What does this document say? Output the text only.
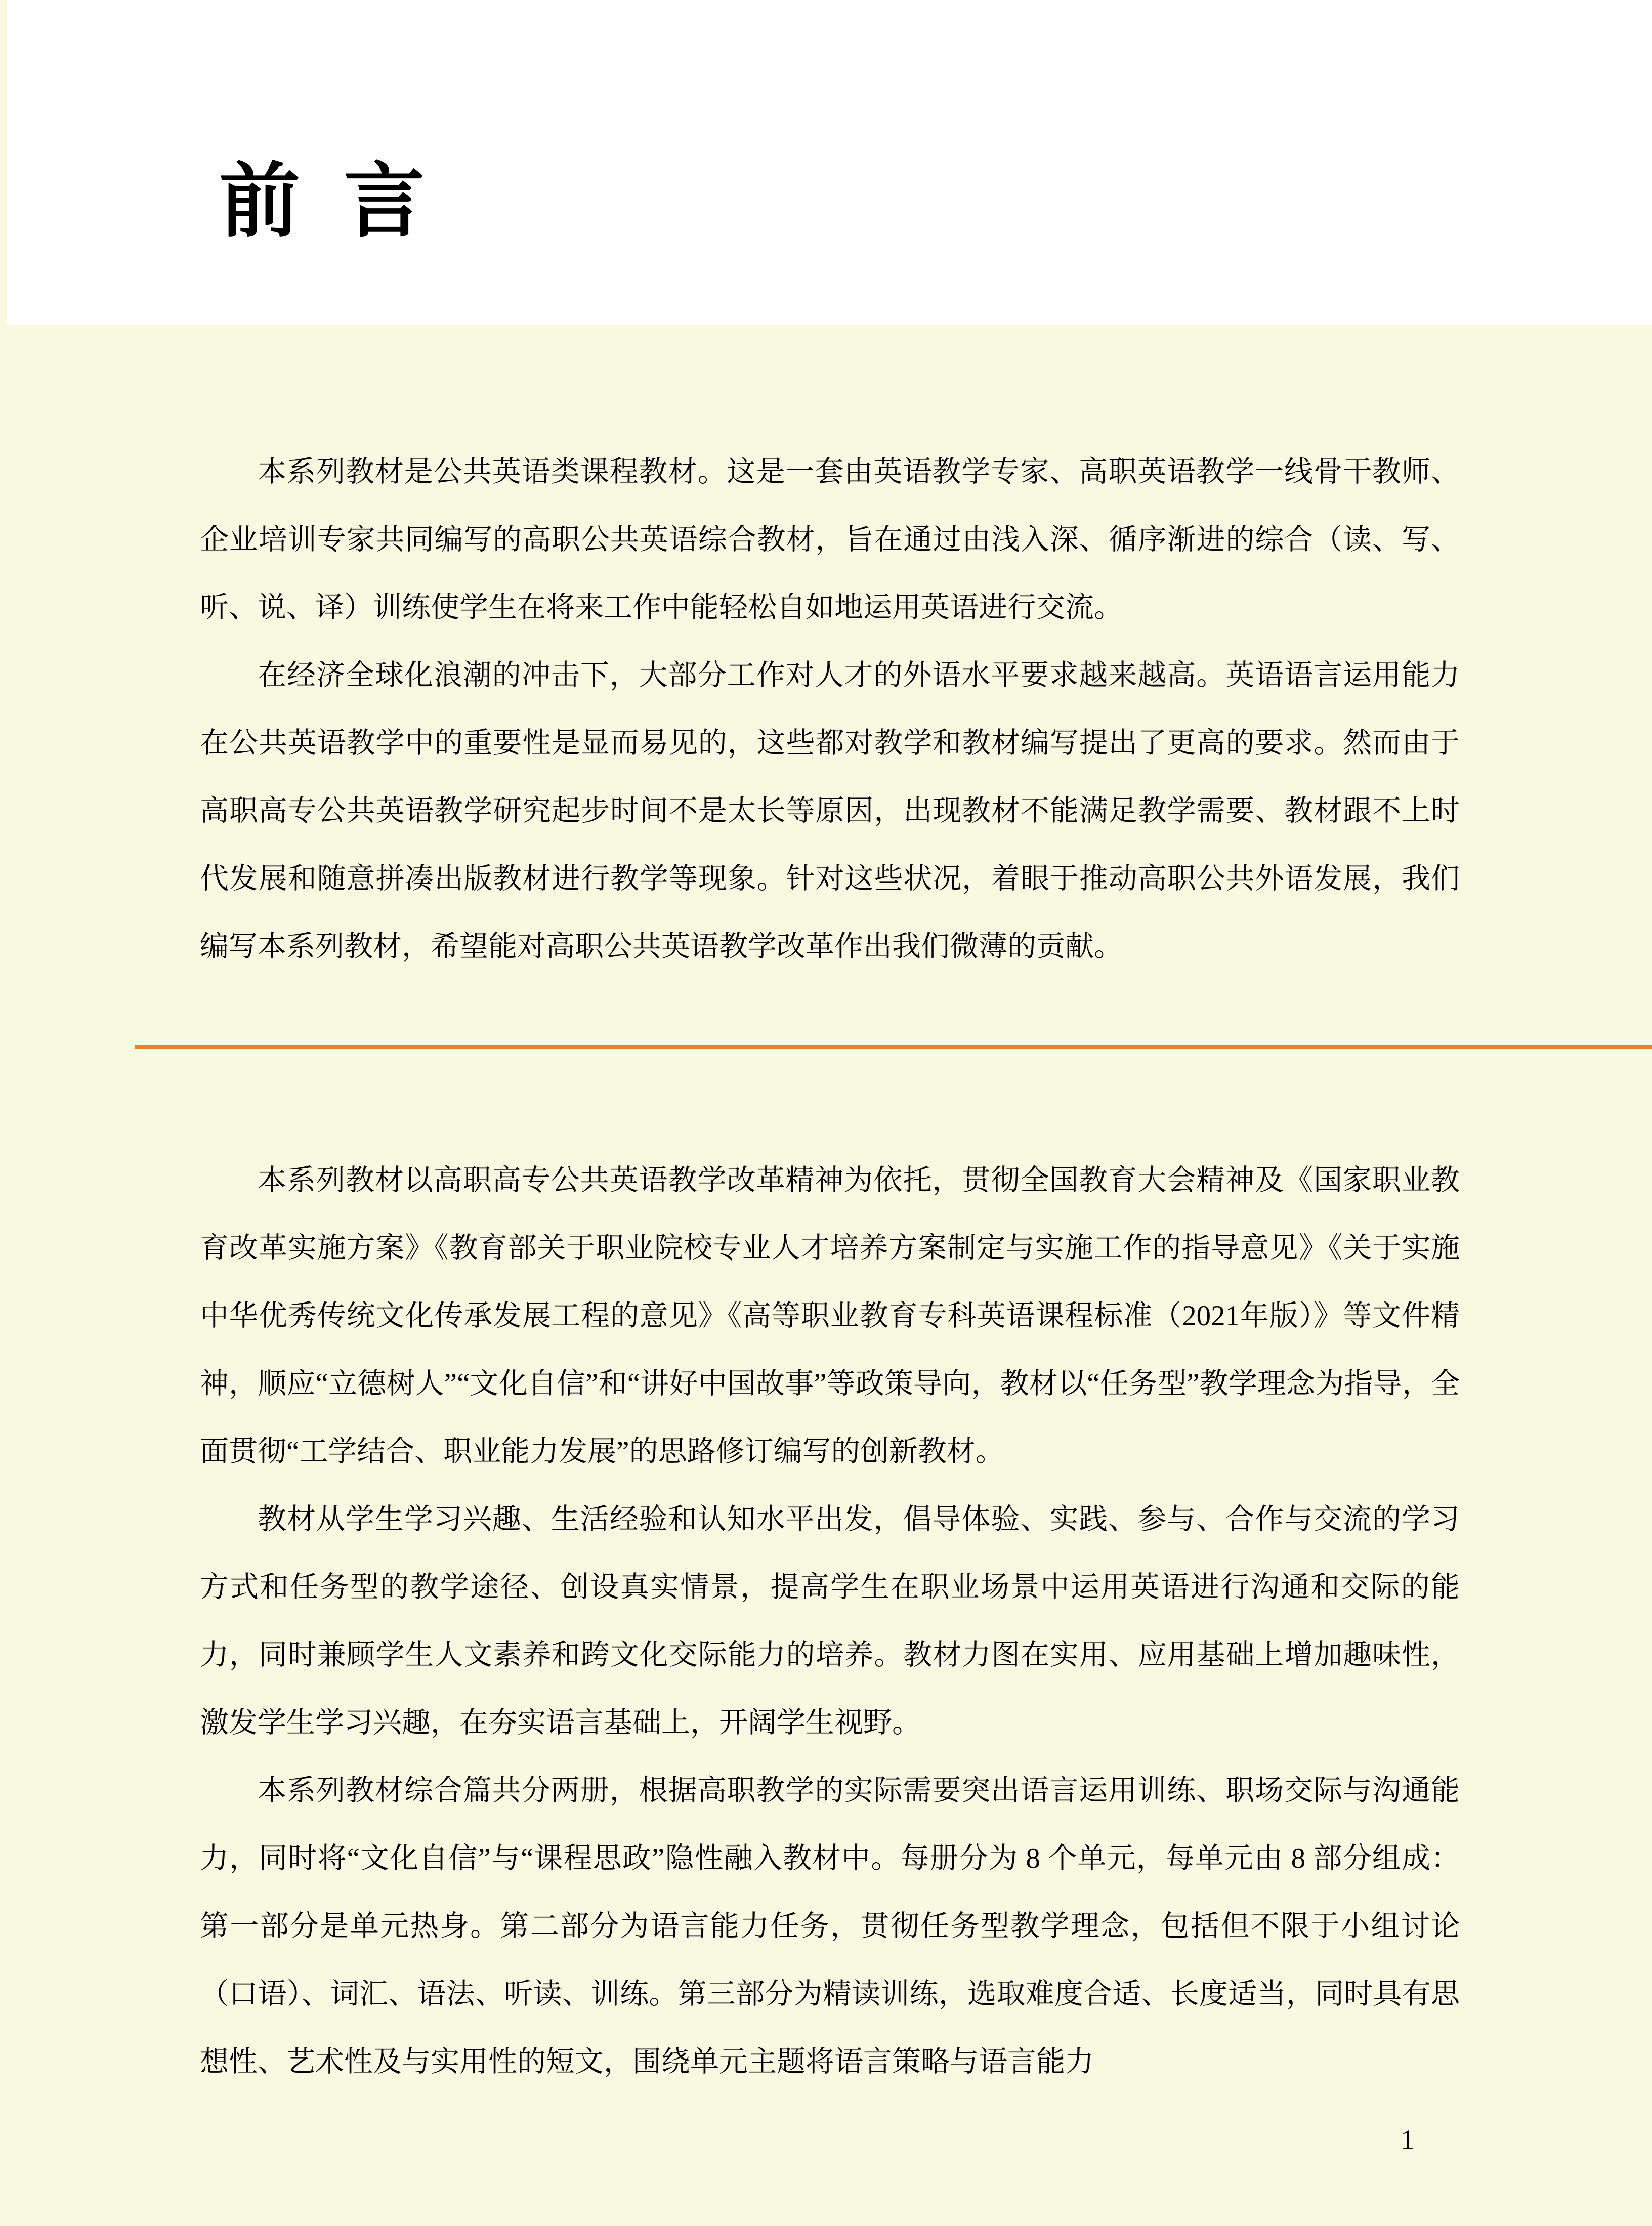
前 言

本系列教材是公共英语类课程教材。这是一套由英语教学专家、高职英语教学一线骨干教师、企业培训专家共同编写的高职公共英语综合教材，旨在通过由浅入深、循序渐进的综合（读、写、听、说、译）训练使学生在将来工作中能轻松自如地运用英语进行交流。

在经济全球化浪潮的冲击下，大部分工作对人才的外语水平要求越来越高。英语语言运用能力在公共英语教学中的重要性是显而易见的，这些都对教学和教材编写提出了更高的要求。然而由于高职高专公共英语教学研究起步时间不是太长等原因，出现教材不能满足教学需要、教材跟不上时代发展和随意拼凑出版教材进行教学等现象。针对这些状况，着眼于推动高职公共外语发展，我们编写本系列教材，希望能对高职公共英语教学改革作出我们微薄的贡献。

本系列教材以高职高专公共英语教学改革精神为依托，贯彻全国教育大会精神及《国家职业教育改革实施方案》《教育部关于职业院校专业人才培养方案制定与实施工作的指导意见》《关于实施中华优秀传统文化传承发展工程的意见》《高等职业教育专科英语课程标准（2021年版）》等文件精神，顺应“立德树人”“文化自信”和“讲好中国故事”等政策导向，教材以“任务型”教学理念为指导，全面贯彻“工学结合、职业能力发展”的思路修订编写的创新教材。

教材从学生学习兴趣、生活经验和认知水平出发，倡导体验、实践、参与、合作与交流的学习方式和任务型的教学途径、创设真实情景，提高学生在职业场景中运用英语进行沟通和交际的能力，同时兼顾学生人文素养和跨文化交际能力的培养。教材力图在实用、应用基础上增加趣味性，激发学生学习兴趣，在夯实语言基础上，开阔学生视野。

本系列教材综合篇共分两册，根据高职教学的实际需要突出语言运用训练、职场交际与沟通能力，同时将“文化自信”与“课程思政”隐性融入教材中。每册分为 8 个单元，每单元由 8 部分组成：第一部分是单元热身。第二部分为语言能力任务，贯彻任务型教学理念，包括但不限于小组讨论（口语）、词汇、语法、听读、训练。第三部分为精读训练，选取难度合适、长度适当，同时具有思想性、艺术性及与实用性的短文，围绕单元主题将语言策略与语言能力

1
